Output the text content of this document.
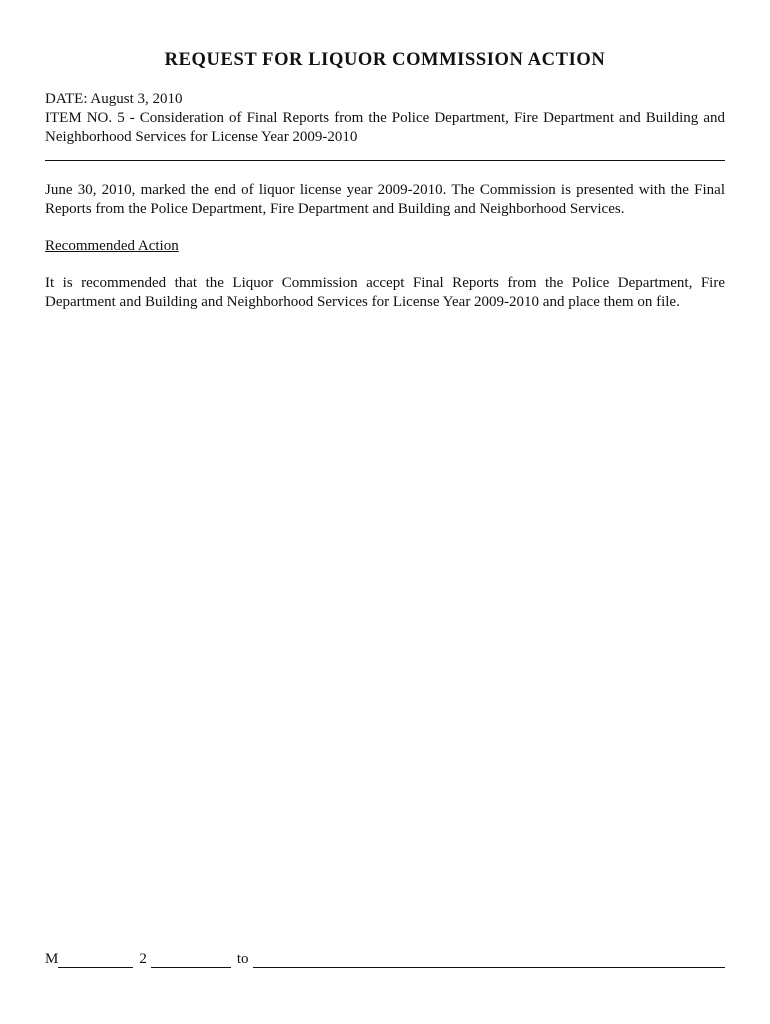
REQUEST FOR LIQUOR COMMISSION ACTION
DATE: August 3, 2010
ITEM NO. 5 - Consideration of Final Reports from the Police Department, Fire Department and Building and
Neighborhood Services for License Year 2009-2010
June 30, 2010, marked the end of liquor license year 2009-2010. The Commission is presented with the Final Reports from the Police Department, Fire Department and Building and Neighborhood Services.
Recommended Action
It is recommended that the Liquor Commission accept Final Reports from the Police Department, Fire Department and Building and Neighborhood Services for License Year 2009-2010 and place them on file.
M	2	to
